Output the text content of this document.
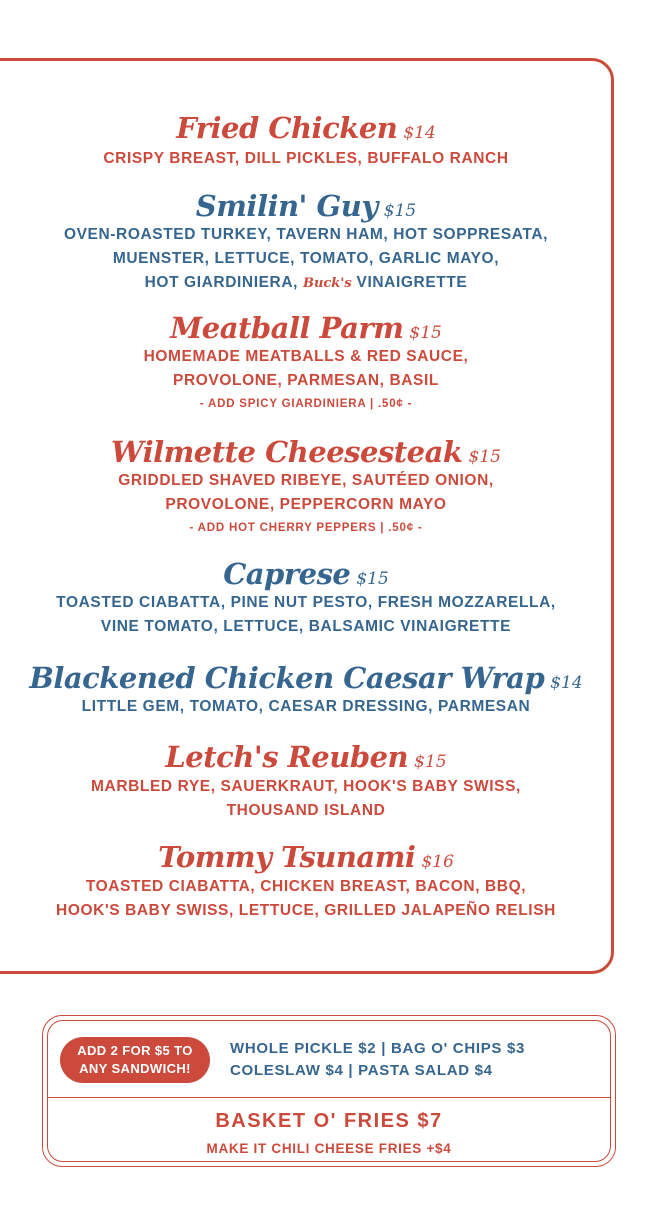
Fried Chicken $14
CRISPY BREAST, DILL PICKLES, BUFFALO RANCH
Smilin' Guy $15
OVEN-ROASTED TURKEY, TAVERN HAM, HOT SOPPRESATA,
MUENSTER, LETTUCE, TOMATO, GARLIC MAYO,
HOT GIARDINIERA, Buck's VINAIGRETTE
Meatball Parm $15
HOMEMADE MEATBALLS & RED SAUCE,
PROVOLONE, PARMESAN, BASIL
- ADD SPICY GIARDINIERA | .50¢ -
Wilmette Cheesesteak $15
GRIDDLED SHAVED RIBEYE, SAUTÉED ONION,
PROVOLONE, PEPPERCORN MAYO
- ADD HOT CHERRY PEPPERS | .50¢ -
Caprese $15
TOASTED CIABATTA, PINE NUT PESTO, FRESH MOZZARELLA,
VINE TOMATO, LETTUCE, BALSAMIC VINAIGRETTE
Blackened Chicken Caesar Wrap $14
LITTLE GEM, TOMATO, CAESAR DRESSING, PARMESAN
Letch's Reuben $15
MARBLED RYE, SAUERKRAUT, HOOK'S BABY SWISS,
THOUSAND ISLAND
Tommy Tsunami $16
TOASTED CIABATTA, CHICKEN BREAST, BACON, BBQ,
HOOK'S BABY SWISS, LETTUCE, GRILLED JALAPEÑO RELISH
ADD 2 FOR $5 TO
ANY SANDWICH!
WHOLE PICKLE $2 | BAG O' CHIPS $3
COLESLAW $4 | PASTA SALAD $4
BASKET O' FRIES $7
MAKE IT CHILI CHEESE FRIES +$4
